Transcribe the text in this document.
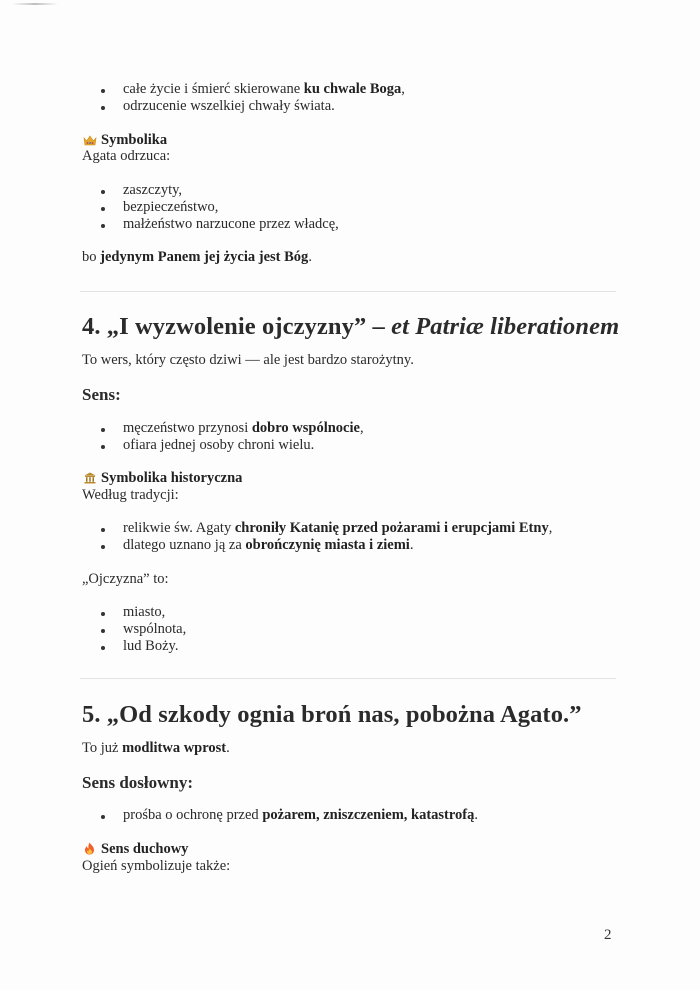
całe życie i śmierć skierowane ku chwale Boga,
odrzucenie wszelkiej chwały świata.
Symbolika
Agata odrzuca:
zaszczyty,
bezpieczeństwo,
małżeństwo narzucone przez władcę,
bo jedynym Panem jej życia jest Bóg.
4. „I wyzwolenie ojczyzny” – et Patriæ liberationem
To wers, który często dziwi — ale jest bardzo starożytny.
Sens:
męczeństwo przynosi dobro wspólnocie,
ofiara jednej osoby chroni wielu.
Symbolika historyczna
Według tradycji:
relikwie św. Agaty chroniły Katanię przed pożarami i erupcjami Etny,
dlatego uznano ją za obrończynię miasta i ziemi.
„Ojczyzna” to:
miasto,
wspólnota,
lud Boży.
5. „Od szkody ognia broń nas, pobożna Agato.”
To już modlitwa wprost.
Sens dosłowny:
prośba o ochronę przed pożarem, zniszczeniem, katastrofą.
Sens duchowy
Ogień symbolizuje także:
2
